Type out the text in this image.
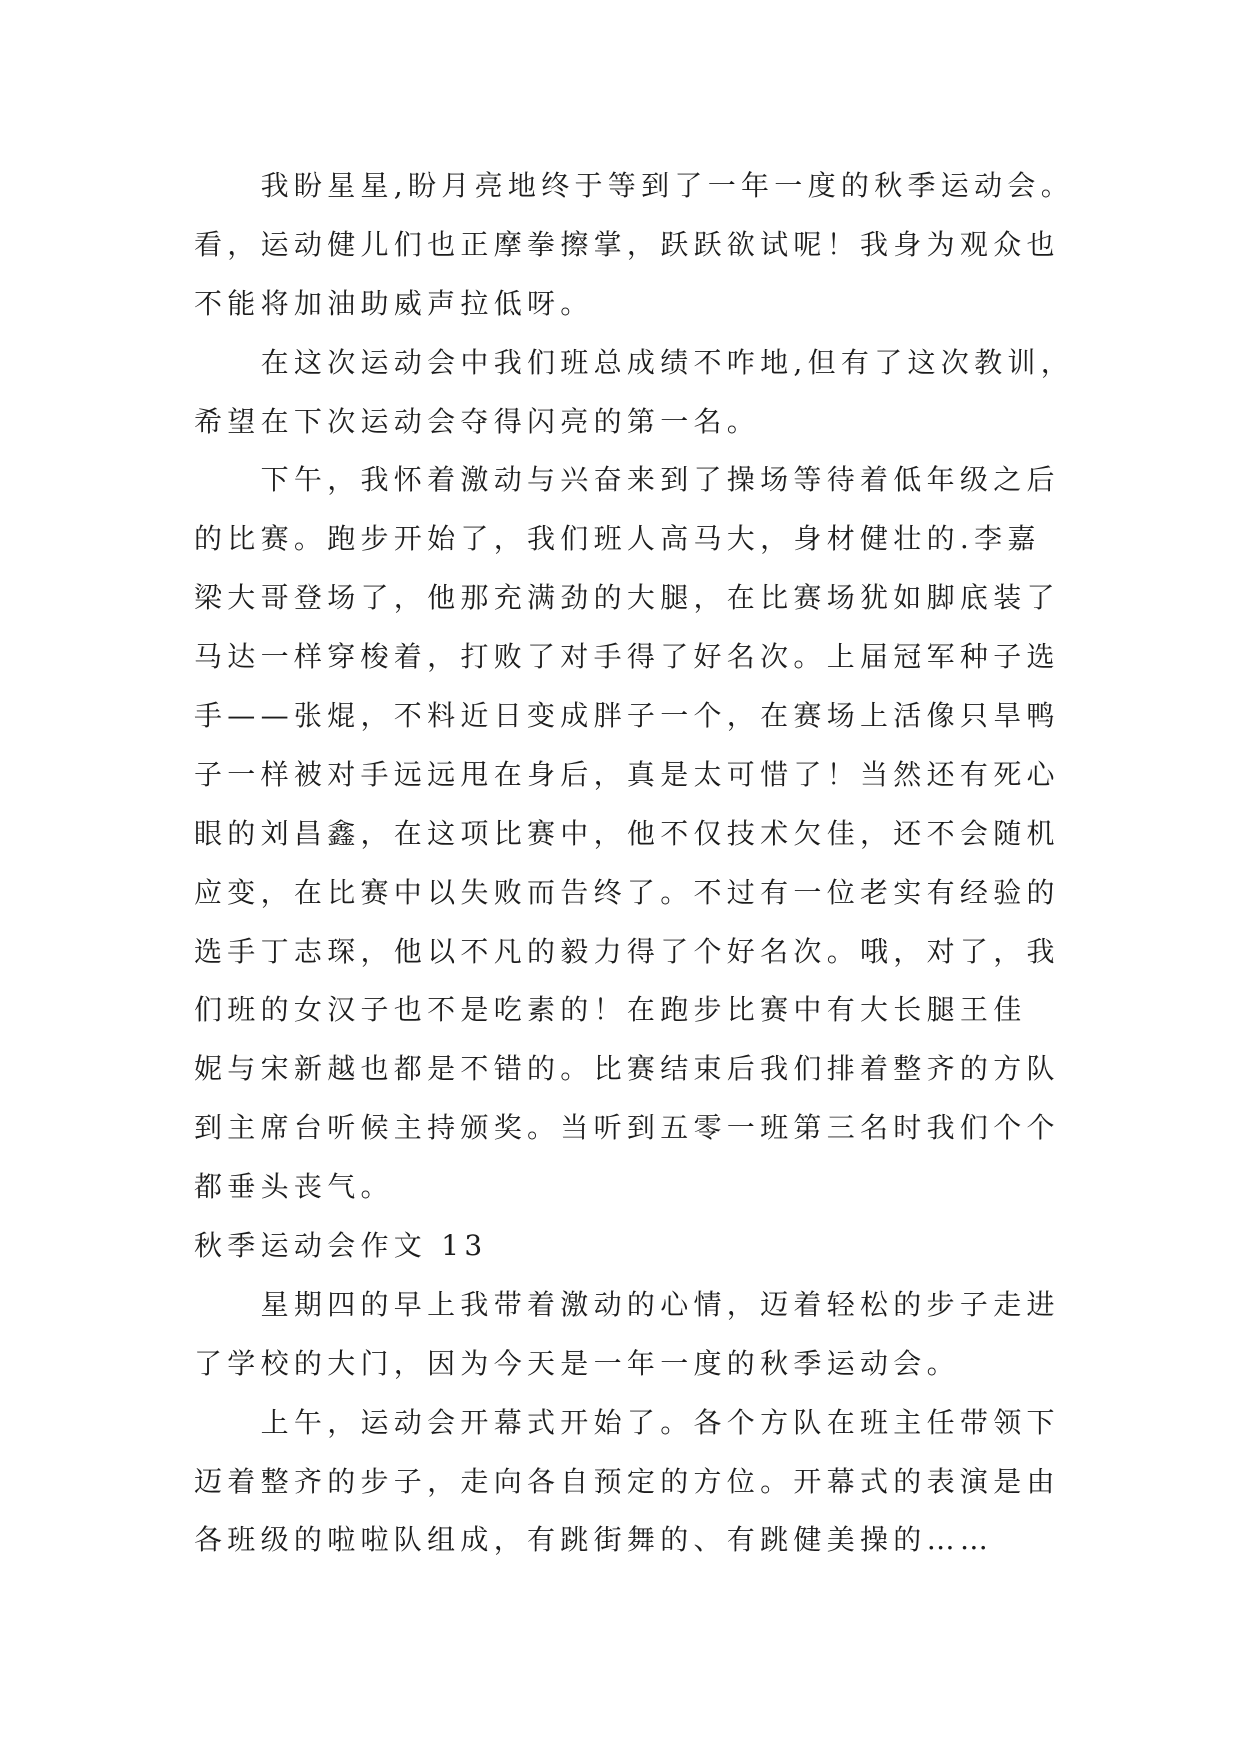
我盼星星,盼月亮地终于等到了一年一度的秋季运动会。
看，运动健儿们也正摩拳擦掌，跃跃欲试呢！我身为观众也
不能将加油助威声拉低呀。
在这次运动会中我们班总成绩不咋地,但有了这次教训，
希望在下次运动会夺得闪亮的第一名。
下午，我怀着激动与兴奋来到了操场等待着低年级之后
的比赛。跑步开始了，我们班人高马大，身材健壮的.李嘉
梁大哥登场了，他那充满劲的大腿，在比赛场犹如脚底装了
马达一样穿梭着，打败了对手得了好名次。上届冠军种子选
手——张焜，不料近日变成胖子一个，在赛场上活像只旱鸭
子一样被对手远远甩在身后，真是太可惜了！当然还有死心
眼的刘昌鑫，在这项比赛中，他不仅技术欠佳，还不会随机
应变，在比赛中以失败而告终了。不过有一位老实有经验的
选手丁志琛，他以不凡的毅力得了个好名次。哦，对了，我
们班的女汉子也不是吃素的！在跑步比赛中有大长腿王佳
妮与宋新越也都是不错的。比赛结束后我们排着整齐的方队
到主席台听候主持颁奖。当听到五零一班第三名时我们个个
都垂头丧气。
秋季运动会作文 13
星期四的早上我带着激动的心情，迈着轻松的步子走进
了学校的大门，因为今天是一年一度的秋季运动会。
上午，运动会开幕式开始了。各个方队在班主任带领下
迈着整齐的步子，走向各自预定的方位。开幕式的表演是由
各班级的啦啦队组成，有跳街舞的、有跳健美操的……
